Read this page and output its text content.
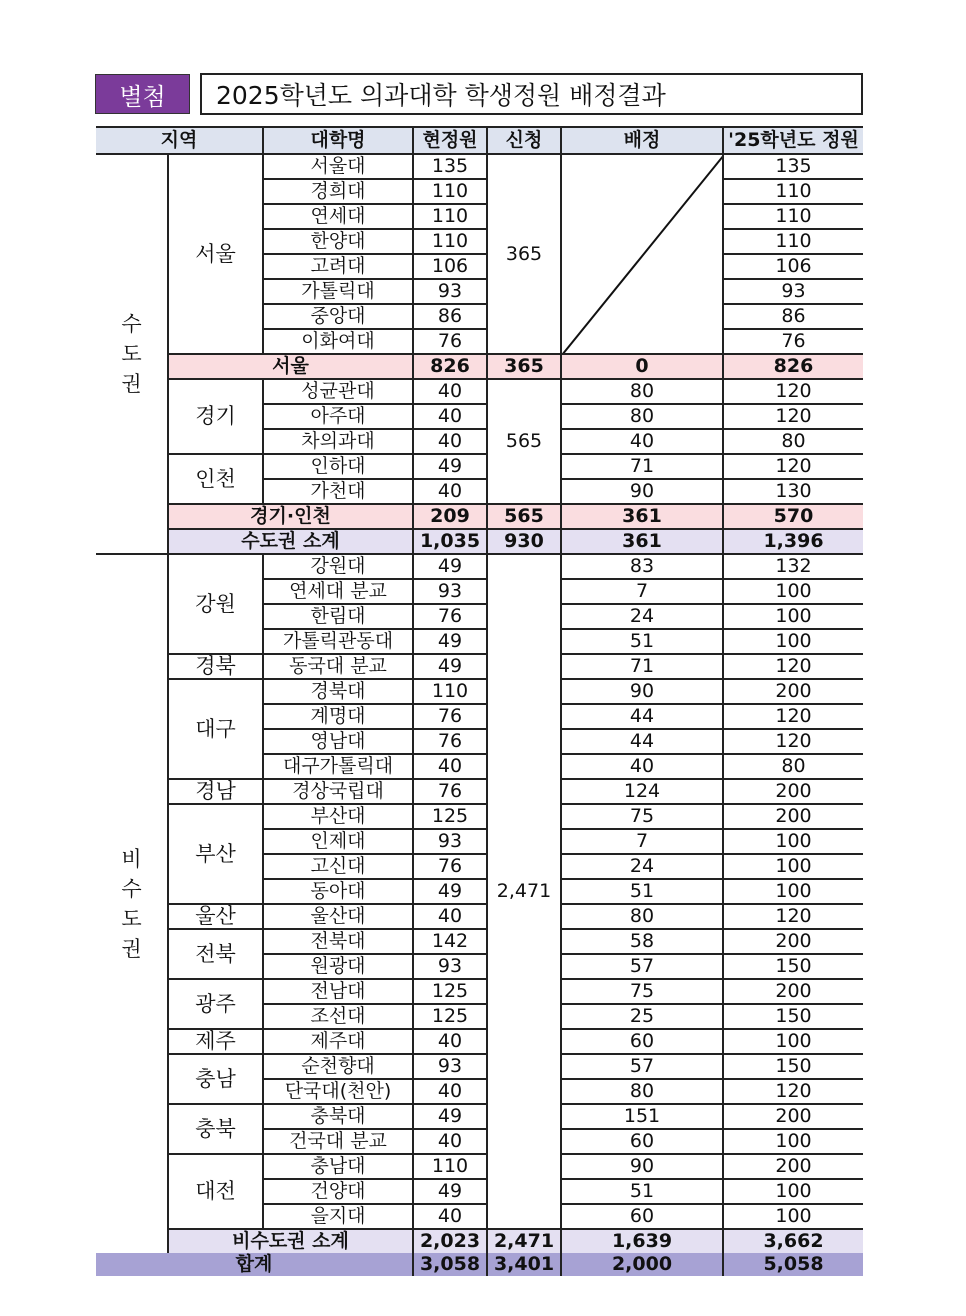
별첨	2025학년도 의과대학 학생정원 배정결과
지역		대학명	현정원	신청	배정	'25학년도 정원
수
도
권	서울	서울대	135	365		135
		경희대	110			110
		연세대	110			110
		한양대	110			110
		고려대	106			106
		가톨릭대	93			93
		중앙대	86			86
		이화여대	76			76
	서울		826	365	0	826
	경기	성균관대	40	565	80	120
		아주대	40		80	120
		차의과대	40		40	80
	인천	인하대	49		71	120
		가천대	40		90	130
	경기·인천		209	565	361	570
	수도권 소계		1,035	930	361	1,396
비
수
도
권	강원	강원대	49	2,471	83	132
		연세대 분교	93		7	100
		한림대	76		24	100
		가톨릭관동대	49		51	100
	경북	동국대 분교	49		71	120
	대구	경북대	110		90	200
		계명대	76		44	120
		영남대	76		44	120
		대구가톨릭대	40		40	80
	경남	경상국립대	76		124	200
	부산	부산대	125		75	200
		인제대	93		7	100
		고신대	76		24	100
		동아대	49		51	100
	울산	울산대	40		80	120
	전북	전북대	142		58	200
		원광대	93		57	150
	광주	전남대	125		75	200
		조선대	125		25	150
	제주	제주대	40		60	100
	충남	순천향대	93		57	150
		단국대(천안)	40		80	120
	충북	충북대	49		151	200
		건국대 분교	40		60	100
	대전	충남대	110		90	200
		건양대	49		51	100
		을지대	40		60	100
	비수도권 소계		2,023	2,471	1,639	3,662
합계			3,058	3,401	2,000	5,058
